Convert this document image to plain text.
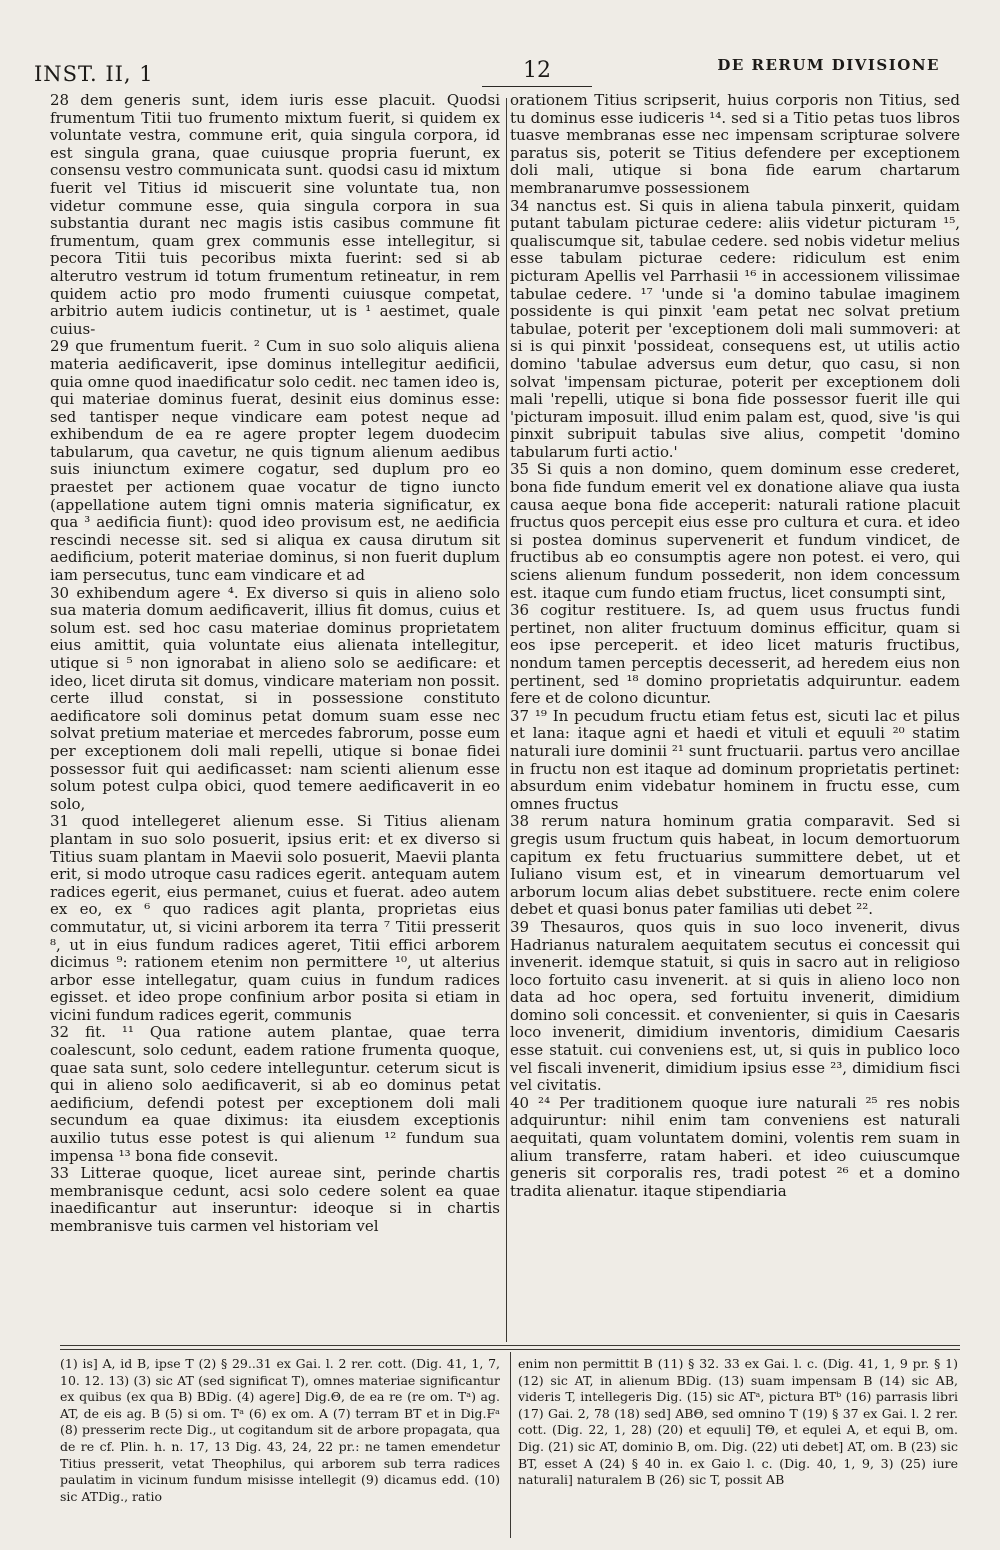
INST. II, 1	12	DE RERUM DIVISIONE

28 dem generis sunt, idem iuris esse placuit. Quodsi frumentum Titii tuo frumento mixtum fuerit, si quidem ex voluntate vestra, commune erit, quia singula corpora, id est singula grana, quae cuiusque propria fuerunt, ex consensu vestro communicata sunt. quodsi casu id mixtum fuerit vel Titius id miscuerit sine voluntate tua, non videtur commune esse, quia singula corpora in sua substantia durant nec magis istis casibus commune fit frumentum, quam grex communis esse intellegitur, si pecora Titii tuis pecoribus mixta fuerint: sed si ab alterutro vestrum id totum frumentum retineatur, in rem quidem actio pro modo frumenti cuiusque competat, arbitrio autem iudicis continetur, ut is ¹ aestimet, quale cuius-

29 que frumentum fuerit. ² Cum in suo solo aliquis aliena materia aedificaverit, ipse dominus intellegitur aedificii, quia omne quod inaedificatur solo cedit. nec tamen ideo is, qui materiae dominus fuerat, desinit eius dominus esse: sed tantisper neque vindicare eam potest neque ad exhibendum de ea re agere propter legem duodecim tabularum, qua cavetur, ne quis tignum alienum aedibus suis iniunctum eximere cogatur, sed duplum pro eo praestet per actionem quae vocatur de tigno iuncto (appellatione autem tigni omnis materia significatur, ex qua ³ aedificia fiunt): quod ideo provisum est, ne aedificia rescindi necesse sit. sed si aliqua ex causa dirutum sit aedificium, poterit materiae dominus, si non fuerit duplum iam persecutus, tunc eam vindicare et ad

30 exhibendum agere ⁴. Ex diverso si quis in alieno solo sua materia domum aedificaverit, illius fit domus, cuius et solum est. sed hoc casu materiae dominus proprietatem eius amittit, quia voluntate eius alienata intellegitur, utique si ⁵ non ignorabat in alieno solo se aedificare: et ideo, licet diruta sit domus, vindicare materiam non possit. certe illud constat, si in possessione constituto aedificatore soli dominus petat domum suam esse nec solvat pretium materiae et mercedes fabrorum, posse eum per exceptionem doli mali repelli, utique si bonae fidei possessor fuit qui aedificasset: nam scienti alienum esse solum potest culpa obici, quod temere aedificaverit in eo solo,

31 quod intellegeret alienum esse. Si Titius alienam plantam in suo solo posuerit, ipsius erit: et ex diverso si Titius suam plantam in Maevii solo posuerit, Maevii planta erit, si modo utroque casu radices egerit. antequam autem radices egerit, eius permanet, cuius et fuerat. adeo autem ex eo, ex ⁶ quo radices agit planta, proprietas eius commutatur, ut, si vicini arborem ita terra ⁷ Titii presserit ⁸, ut in eius fundum radices ageret, Titii effici arborem dicimus ⁹: rationem etenim non permittere ¹⁰, ut alterius arbor esse intellegatur, quam cuius in fundum radices egisset. et ideo prope confinium arbor posita si etiam in vicini fundum radices egerit, communis

32 fit. ¹¹ Qua ratione autem plantae, quae terra coalescunt, solo cedunt, eadem ratione frumenta quoque, quae sata sunt, solo cedere intelleguntur. ceterum sicut is qui in alieno solo aedificaverit, si ab eo dominus petat aedificium, defendi potest per exceptionem doli mali secundum ea quae diximus: ita eiusdem exceptionis auxilio tutus esse potest is qui alienum ¹² fundum sua impensa ¹³ bona fide consevit.

33 Litterae quoque, licet aureae sint, perinde chartis membranisque cedunt, acsi solo cedere solent ea quae inaedificantur aut inseruntur: ideoque si in chartis membranisve tuis carmen vel historiam vel

orationem Titius scripserit, huius corporis non Titius, sed tu dominus esse iudiceris ¹⁴. sed si a Titio petas tuos libros tuasve membranas esse nec impensam scripturae solvere paratus sis, poterit se Titius defendere per exceptionem doli mali, utique si bona fide earum chartarum membranarumve possessionem

34 nanctus est. Si quis in aliena tabula pinxerit, quidam putant tabulam picturae cedere: aliis videtur picturam ¹⁵, qualiscumque sit, tabulae cedere. sed nobis videtur melius esse tabulam picturae cedere: ridiculum est enim picturam Apellis vel Parrhasii ¹⁶ in accessionem vilissimae tabulae cedere. ¹⁷ 'unde si 'a domino tabulae imaginem possidente is qui pinxit 'eam petat nec solvat pretium tabulae, poterit per 'exceptionem doli mali summoveri: at si is qui pinxit 'possideat, consequens est, ut utilis actio domino 'tabulae adversus eum detur, quo casu, si non solvat 'impensam picturae, poterit per exceptionem doli mali 'repelli, utique si bona fide possessor fuerit ille qui 'picturam imposuit. illud enim palam est, quod, sive 'is qui pinxit subripuit tabulas sive alius, competit 'domino tabularum furti actio.'

35 Si quis a non domino, quem dominum esse crederet, bona fide fundum emerit vel ex donatione aliave qua iusta causa aeque bona fide acceperit: naturali ratione placuit fructus quos percepit eius esse pro cultura et cura. et ideo si postea dominus supervenerit et fundum vindicet, de fructibus ab eo consumptis agere non potest. ei vero, qui sciens alienum fundum possederit, non idem concessum est. itaque cum fundo etiam fructus, licet consumpti sint,

36 cogitur restituere. Is, ad quem usus fructus fundi pertinet, non aliter fructuum dominus efficitur, quam si eos ipse perceperit. et ideo licet maturis fructibus, nondum tamen perceptis decesserit, ad heredem eius non pertinent, sed ¹⁸ domino proprietatis adquiruntur. eadem fere et de colono dicuntur.

37 ¹⁹ In pecudum fructu etiam fetus est, sicuti lac et pilus et lana: itaque agni et haedi et vituli et equuli ²⁰ statim naturali iure dominii ²¹ sunt fructuarii. partus vero ancillae in fructu non est itaque ad dominum proprietatis pertinet: absurdum enim videbatur hominem in fructu esse, cum omnes fructus

38 rerum natura hominum gratia comparavit. Sed si gregis usum fructum quis habeat, in locum demortuorum capitum ex fetu fructuarius summittere debet, ut et Iuliano visum est, et in vinearum demortuarum vel arborum locum alias debet substituere. recte enim colere debet et quasi bonus pater familias uti debet ²².

39 Thesauros, quos quis in suo loco invenerit, divus Hadrianus naturalem aequitatem secutus ei concessit qui invenerit. idemque statuit, si quis in sacro aut in religioso loco fortuito casu invenerit. at si quis in alieno loco non data ad hoc opera, sed fortuitu invenerit, dimidium domino soli concessit. et convenienter, si quis in Caesaris loco invenerit, dimidium inventoris, dimidium Caesaris esse statuit. cui conveniens est, ut, si quis in publico loco vel fiscali invenerit, dimidium ipsius esse ²³, dimidium fisci vel civitatis.

40 ²⁴ Per traditionem quoque iure naturali ²⁵ res nobis adquiruntur: nihil enim tam conveniens est naturali aequitati, quam voluntatem domini, volentis rem suam in alium transferre, ratam haberi. et ideo cuiuscumque generis sit corporalis res, tradi potest ²⁶ et a domino tradita alienatur. itaque stipendiaria

(1) is] A, id B, ipse T (2) § 29..31 ex Gai. l. 2 rer. cott. (Dig. 41, 1, 7, 10. 12. 13) (3) sic AT (sed significat T), omnes materiae significantur ex quibus (ex qua B) BDig. (4) agere] Dig.Θ, de ea re (re om. Tᵃ) ag. AT, de eis ag. B (5) si om. Tᵃ (6) ex om. A (7) terram BT et in Dig.Fᵃ (8) presserim recte Dig., ut cogitandum sit de arbore propagata, qua de re cf. Plin. h. n. 17, 13 Dig. 43, 24, 22 pr.: ne tamen emendetur Titius presserit, vetat Theophilus, qui arborem sub terra radices paulatim in vicinum fundum misisse intellegit (9) dicamus edd. (10) sic ATDig., ratio

enim non permittit B (11) § 32. 33 ex Gai. l. c. (Dig. 41, 1, 9 pr. § 1) (12) sic AT, in alienum BDig. (13) suam impensam B (14) sic AB, videris T, intellegeris Dig. (15) sic ATᵃ, pictura BTᵇ (16) parrasis libri (17) Gai. 2, 78 (18) sed] ABΘ, sed omnino T (19) § 37 ex Gai. l. 2 rer. cott. (Dig. 22, 1, 28) (20) et equuli] TΘ, et equlei A, et equi B, om. Dig. (21) sic AT, dominio B, om. Dig. (22) uti debet] AT, om. B (23) sic BT, esset A (24) § 40 in. ex Gaio l. c. (Dig. 40, 1, 9, 3) (25) iure naturali] naturalem B (26) sic T, possit AB
